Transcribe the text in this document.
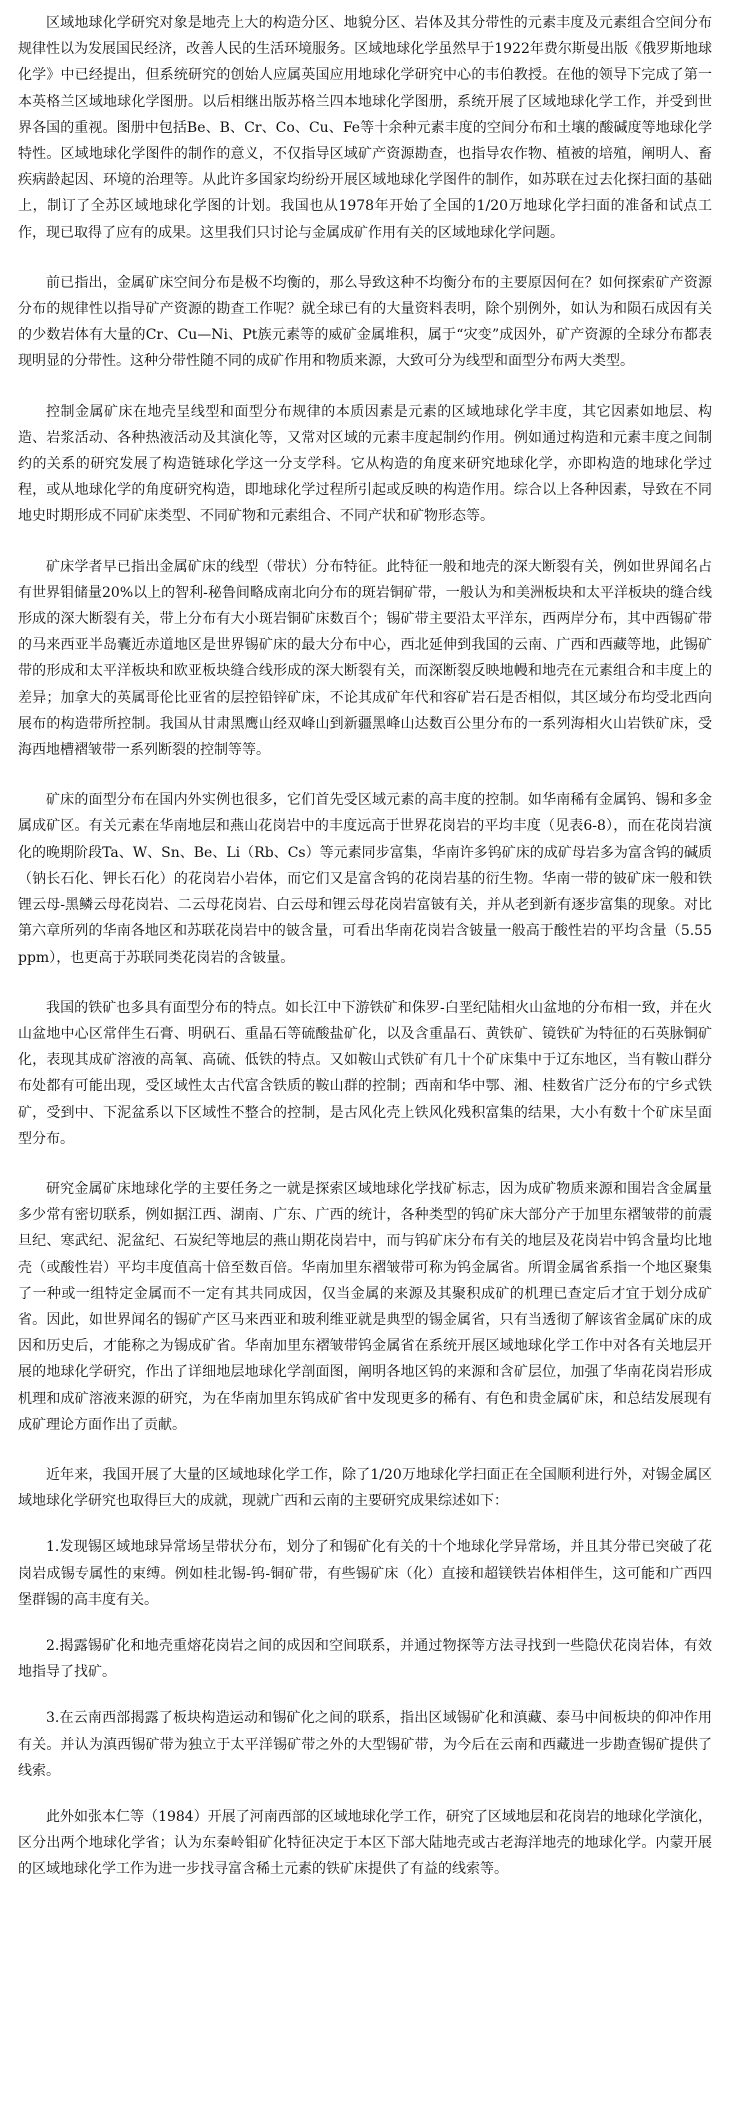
区域地球化学研究对象是地壳上大的构造分区、地貌分区、岩体及其分带性的元素丰度及元素组合空间分布规律性以为发展国民经济，改善人民的生活环境服务。区域地球化学虽然早于1922年费尔斯曼出版《俄罗斯地球化学》中已经提出，但系统研究的创始人应属英国应用地球化学研究中心的韦伯教授。在他的领导下完成了第一本英格兰区域地球化学图册。以后相继出版苏格兰四本地球化学图册，系统开展了区域地球化学工作，并受到世界各国的重视。图册中包括Be、B、Cr、Co、Cu、Fe等十余种元素丰度的空间分布和土壤的酸碱度等地球化学特性。区域地球化学图件的制作的意义，不仅指导区域矿产资源勘查，也指导农作物、植被的培殖，阐明人、畜疾病龄起因、环境的治理等。从此许多国家均纷纷开展区域地球化学图件的制作，如苏联在过去化探扫面的基础上，制订了全苏区域地球化学图的计划。我国也从1978年开始了全国的1/20万地球化学扫面的准备和试点工作，现已取得了应有的成果。这里我们只讨论与金属成矿作用有关的区域地球化学问题。

前已指出，金属矿床空间分布是极不均衡的，那么导致这种不均衡分布的主要原因何在？如何探索矿产资源分布的规律性以指导矿产资源的勘查工作呢？就全球已有的大量资料表明，除个别例外，如认为和陨石成因有关的少数岩体有大量的Cr、Cu—Ni、Pt族元素等的威矿金属堆积，属于“灾变”成因外，矿产资源的全球分布都表现明显的分带性。这种分带性随不同的成矿作用和物质来源，大致可分为线型和面型分布两大类型。

控制金属矿床在地壳呈线型和面型分布规律的本质因素是元素的区域地球化学丰度，其它因素如地层、构造、岩浆活动、各种热液活动及其演化等，又常对区域的元素丰度起制约作用。例如通过构造和元素丰度之间制约的关系的研究发展了构造链球化学这一分支学科。它从构造的角度来研究地球化学，亦即构造的地球化学过程，或从地球化学的角度研究构造，即地球化学过程所引起或反映的构造作用。综合以上各种因素，导致在不同地史时期形成不同矿床类型、不同矿物和元素组合、不同产状和矿物形态等。

矿床学者早已指出金属矿床的线型（带状）分布特征。此特征一般和地壳的深大断裂有关，例如世界闻名占有世界钼储量20%以上的智利-秘鲁间略成南北向分布的斑岩铜矿带，一般认为和美洲板块和太平洋板块的缝合线形成的深大断裂有关，带上分布有大小斑岩铜矿床数百个；锡矿带主要沿太平洋东，西两岸分布，其中西锡矿带的马来西亚半岛囊近赤道地区是世界锡矿床的最大分布中心，西北延伸到我国的云南、广西和西藏等地，此锡矿带的形成和太平洋板块和欧亚板块缝合线形成的深大断裂有关，而深断裂反映地幔和地壳在元素组合和丰度上的差异；加拿大的英属哥伦比亚省的层控铅锌矿床，不论其成矿年代和容矿岩石是否相似，其区域分布均受北西向展布的构造带所控制。我国从甘肃黑鹰山经双峰山到新疆黑峰山达数百公里分布的一系列海相火山岩铁矿床，受海西地槽褶皱带一系列断裂的控制等等。

矿床的面型分布在国内外实例也很多，它们首先受区域元素的高丰度的控制。如华南稀有金属钨、锡和多金属成矿区。有关元素在华南地层和燕山花岗岩中的丰度远高于世界花岗岩的平均丰度（见表6-8），而在花岗岩演化的晚期阶段Ta、W、Sn、Be、Li（Rb、Cs）等元素同步富集，华南许多钨矿床的成矿母岩多为富含钨的碱质（钠长石化、钾长石化）的花岗岩小岩体，而它们又是富含钨的花岗岩基的衍生物。华南一带的铍矿床一般和铁锂云母-黑鳞云母花岗岩、二云母花岗岩、白云母和锂云母花岗岩富铍有关，并从老到新有逐步富集的现象。对比第六章所列的华南各地区和苏联花岗岩中的铍含量，可看出华南花岗岩含铍量一般高于酸性岩的平均含量（5.55ppm），也更高于苏联同类花岗岩的含铍量。

我国的铁矿也多具有面型分布的特点。如长江中下游铁矿和侏罗-白垩纪陆相火山盆地的分布相一致，并在火山盆地中心区常伴生石膏、明矾石、重晶石等硫酸盐矿化，以及含重晶石、黄铁矿、镜铁矿为特征的石英脉铜矿化，表现其成矿溶液的高氧、高硫、低铁的特点。又如鞍山式铁矿有几十个矿床集中于辽东地区，当有鞍山群分布处都有可能出现，受区域性太古代富含铁质的鞍山群的控制；西南和华中鄂、湘、桂数省广泛分布的宁乡式铁矿，受到中、下泥盆系以下区域性不整合的控制，是古风化壳上铁风化残积富集的结果，大小有数十个矿床呈面型分布。

研究金属矿床地球化学的主要任务之一就是探索区域地球化学找矿标志，因为成矿物质来源和围岩含金属量多少常有密切联系，例如据江西、湖南、广东、广西的统计，各种类型的钨矿床大部分产于加里东褶皱带的前震旦纪、寒武纪、泥盆纪、石炭纪等地层的燕山期花岗岩中，而与钨矿床分布有关的地层及花岗岩中钨含量均比地壳（或酸性岩）平均丰度值高十倍至数百倍。华南加里东褶皱带可称为钨金属省。所谓金属省系指一个地区聚集了一种或一组特定金属而不一定有其共同成因，仅当金属的来源及其聚积成矿的机理已查定后才宜于划分成矿省。因此，如世界闻名的锡矿产区马来西亚和玻利维亚就是典型的锡金属省，只有当透彻了解该省金属矿床的成因和历史后，才能称之为锡成矿省。华南加里东褶皱带钨金属省在系统开展区域地球化学工作中对各有关地层开展的地球化学研究，作出了详细地层地球化学剖面图，阐明各地区钨的来源和含矿层位，加强了华南花岗岩形成机理和成矿溶液来源的研究，为在华南加里东钨成矿省中发现更多的稀有、有色和贵金属矿床，和总结发展现有成矿理论方面作出了贡献。

近年来，我国开展了大量的区域地球化学工作，除了1/20万地球化学扫面正在全国顺利进行外，对锡金属区域地球化学研究也取得巨大的成就，现就广西和云南的主要研究成果综述如下：

1.发现锡区域地球异常场呈带状分布，划分了和锡矿化有关的十个地球化学异常场，并且其分带已突破了花岗岩成锡专属性的束缚。例如桂北锡-钨-铜矿带，有些锡矿床（化）直接和超镁铁岩体相伴生，这可能和广西四堡群锡的高丰度有关。

2.揭露锡矿化和地壳重熔花岗岩之间的成因和空间联系，并通过物探等方法寻找到一些隐伏花岗岩体，有效地指导了找矿。

3.在云南西部揭露了板块构造运动和锡矿化之间的联系，指出区域锡矿化和滇藏、泰马中间板块的仰冲作用有关。并认为滇西锡矿带为独立于太平洋锡矿带之外的大型锡矿带，为今后在云南和西藏进一步勘查锡矿提供了线索。

此外如张本仁等（1984）开展了河南西部的区域地球化学工作，研究了区域地层和花岗岩的地球化学演化，区分出两个地球化学省；认为东秦岭钼矿化特征决定于本区下部大陆地壳或古老海洋地壳的地球化学。内蒙开展的区域地球化学工作为进一步找寻富含稀土元素的铁矿床提供了有益的线索等。
